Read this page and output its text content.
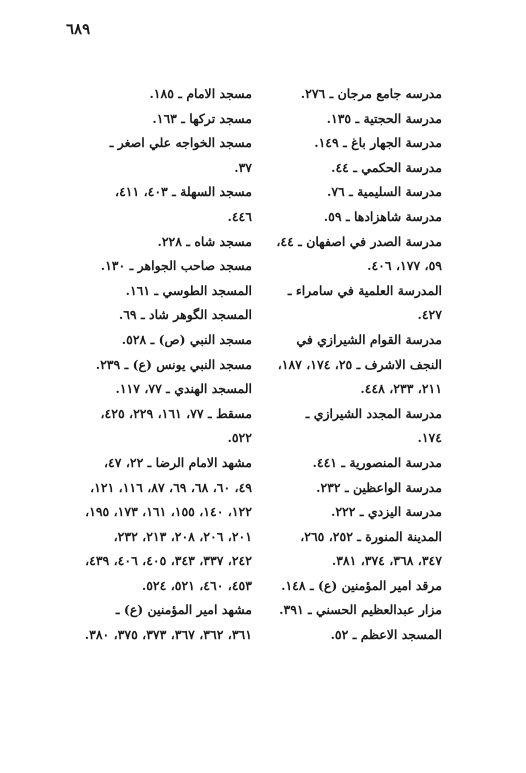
٦٨٩
مدرسه جامع مرجان ـ ٢٧٦.
مدرسة الحجتية ـ ١٣٥.
مدرسة الجهار باغ ـ ١٤٩.
مدرسة الحكمي ـ ٤٤.
مدرسة السليمية ـ ٧٦.
مدرسة شاهزادها ـ ٥٩.
مدرسة الصدر في اصفهان ـ ٤٤،
٥٩، ١٧٧، ٤٠٦.
المدرسة العلمية في سامراء ـ
٤٢٧.
مدرسة القوام الشيرازي في
النجف الاشرف ـ ٢٥، ١٧٤، ١٨٧،
٢١١، ٢٣٣، ٤٤٨.
مدرسة المجدد الشيرازي ـ
١٧٤.
مدرسة المنصورية ـ ٤٤١.
مدرسة الواعظين ـ ٢٣٢.
مدرسة اليزدي ـ ٢٢٢.
المدينة المنورة ـ ٢٥٢، ٢٦٥،
٣٤٧، ٣٦٨، ٣٧٤، ٣٨١.
مرقد امير المؤمنين (ع) ـ ١٤٨.
مزار عبدالعظيم الحسني ـ ٣٩١.
المسجد الاعظم ـ ٥٢.
مسجد الامام ـ ١٨٥.
مسجد تركها ـ ١٦٣.
مسجد الخواجه علي اصغر ـ
٣٧.
مسجد السهلة ـ ٤٠٣، ٤١١،
٤٤٦.
مسجد شاه ـ ٢٢٨.
مسجد صاحب الجواهر ـ ١٣٠.
المسجد الطوسي ـ ١٦١.
المسجد الگوهر شاد ـ ٦٩.
مسجد النبي (ص) ـ ٥٢٨.
مسجد النبي يونس (ع) ـ ٢٣٩.
المسجد الهندي ـ ٧٧، ١١٧.
مسقط ـ ٧٧، ١٦١، ٢٢٩، ٤٢٥،
٥٢٢.
مشهد الامام الرضا ـ ٢٢، ٤٧،
٤٩، ٦٠، ٦٨، ٦٩، ٨٧، ١١٦، ١٢١،
١٢٢، ١٤٠، ١٥٥، ١٦١، ١٧٣، ١٩٥،
٢٠١، ٢٠٦، ٢٠٨، ٢١٣، ٢٣٢،
٢٤٢، ٣٣٧، ٣٤٣، ٤٠٥، ٤٠٦، ٤٣٩،
٤٥٣، ٤٦٠، ٥٢١، ٥٢٤.
مشهد امير المؤمنين (ع) ـ
٣٦١، ٣٦٢، ٣٦٧، ٣٧٣، ٣٧٥، ٣٨٠.
